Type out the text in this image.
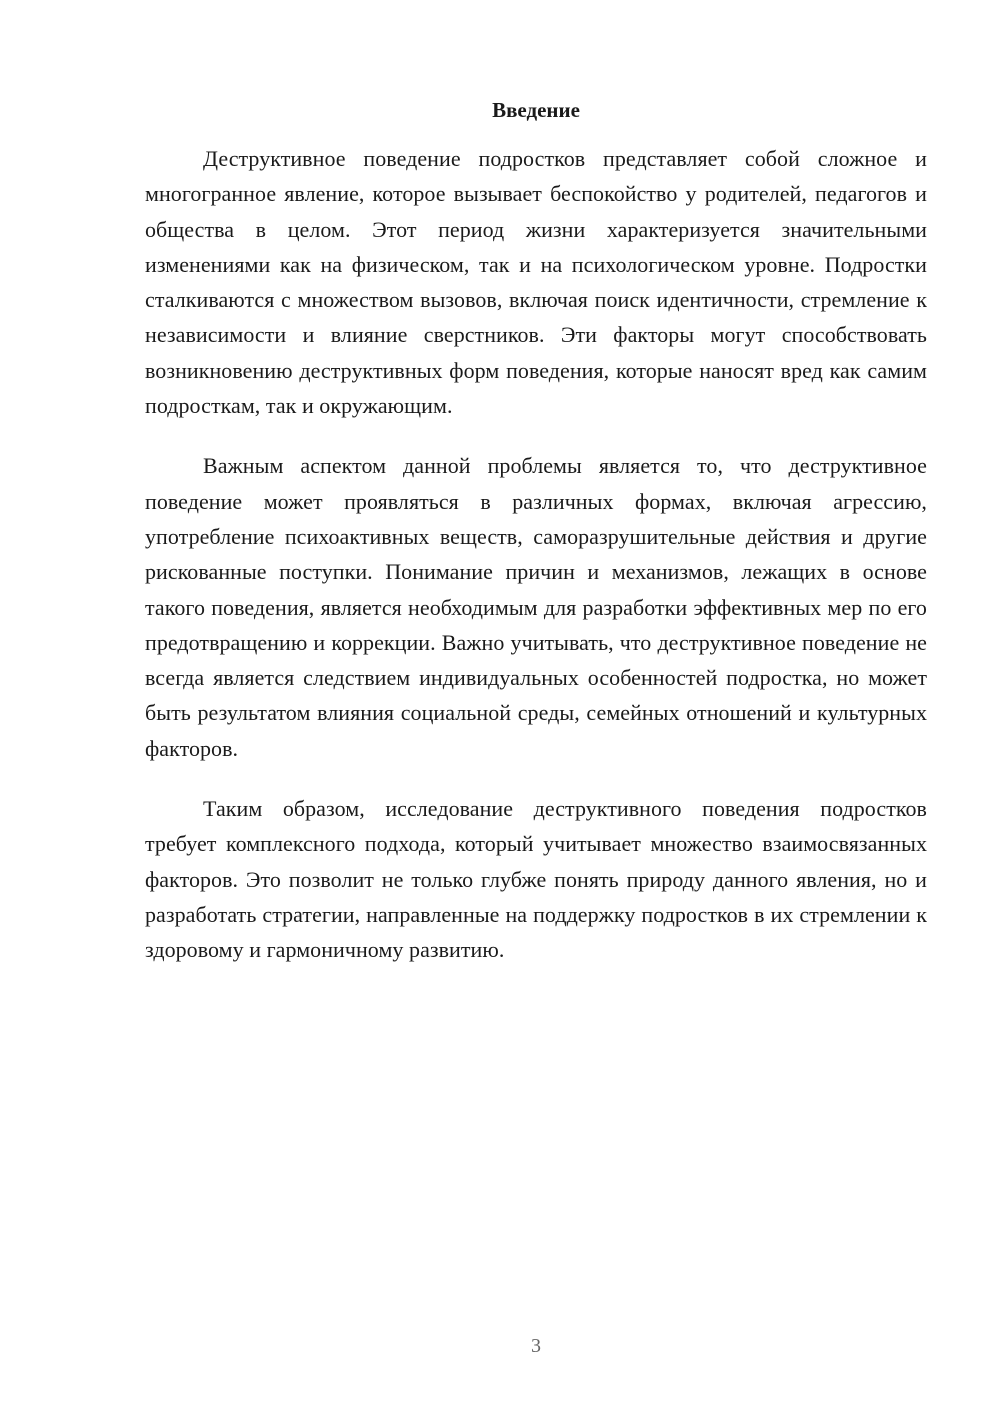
Введение

Деструктивное поведение подростков представляет собой сложное и многогранное явление, которое вызывает беспокойство у родителей, педагогов и общества в целом. Этот период жизни характеризуется значительными изменениями как на физическом, так и на психологическом уровне. Подростки сталкиваются с множеством вызовов, включая поиск идентичности, стремление к независимости и влияние сверстников. Эти факторы могут способствовать возникновению деструктивных форм поведения, которые наносят вред как самим подросткам, так и окружающим.

Важным аспектом данной проблемы является то, что деструктивное поведение может проявляться в различных формах, включая агрессию, употребление психоактивных веществ, саморазрушительные действия и другие рискованные поступки. Понимание причин и механизмов, лежащих в основе такого поведения, является необходимым для разработки эффективных мер по его предотвращению и коррекции. Важно учитывать, что деструктивное поведение не всегда является следствием индивидуальных особенностей подростка, но может быть результатом влияния социальной среды, семейных отношений и культурных факторов.

Таким образом, исследование деструктивного поведения подростков требует комплексного подхода, который учитывает множество взаимосвязанных факторов. Это позволит не только глубже понять природу данного явления, но и разработать стратегии, направленные на поддержку подростков в их стремлении к здоровому и гармоничному развитию.

3
